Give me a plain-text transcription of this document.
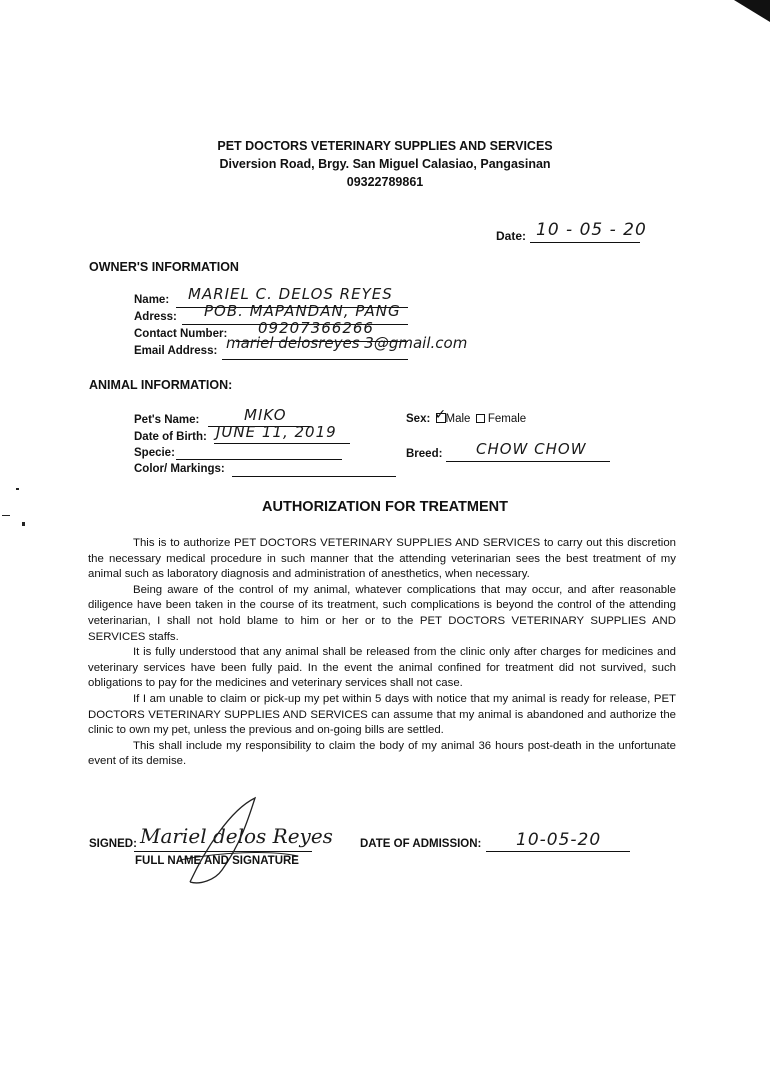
PET DOCTORS VETERINARY SUPPLIES AND SERVICES
Diversion Road, Brgy. San Miguel Calasiao, Pangasinan
09322789861
Date: 10 - 05 - 20
OWNER'S INFORMATION
Name: MARIEL C. DELOS REYES
Adress: POB. MAPANDAN, PANG
Contact Number: 09207366266
Email Address: mariel delosreyes 3@gmail.com
ANIMAL INFORMATION:
Pet's Name:	MIKO
Date of Birth: JUNE 11, 2019
Specie:
Color/ Markings:
Sex: ✓ Male Female
Breed: CHOW CHOW
AUTHORIZATION FOR TREATMENT

This is to authorize PET DOCTORS VETERINARY SUPPLIES AND SERVICES to carry out this discretion the necessary medical procedure in such manner that the attending veterinarian sees the best treatment of my animal such as laboratory diagnosis and administration of anesthetics, when necessary.

Being aware of the control of my animal, whatever complications that may occur, and after reasonable diligence have been taken in the course of its treatment, such complications is beyond the control of the attending veterinarian, I shall not hold blame to him or her or to the PET DOCTORS VETERINARY SUPPLIES AND SERVICES staffs.

It is fully understood that any animal shall be released from the clinic only after charges for medicines and veterinary services have been fully paid. In the event the animal confined for treatment did not survived, such obligations to pay for the medicines and veterinary services shall not case.

If I am unable to claim or pick-up my pet within 5 days with notice that my animal is ready for release, PET DOCTORS VETERINARY SUPPLIES AND SERVICES can assume that my animal is abandoned and authorize the clinic to own my pet, unless the previous and on-going bills are settled.

This shall include my responsibility to claim the body of my animal 36 hours post-death in the unfortunate event of its demise.

SIGNED: Mariel delos Reyes
FULL NAME AND SIGNATURE
DATE OF ADMISSION: 10-05-20
